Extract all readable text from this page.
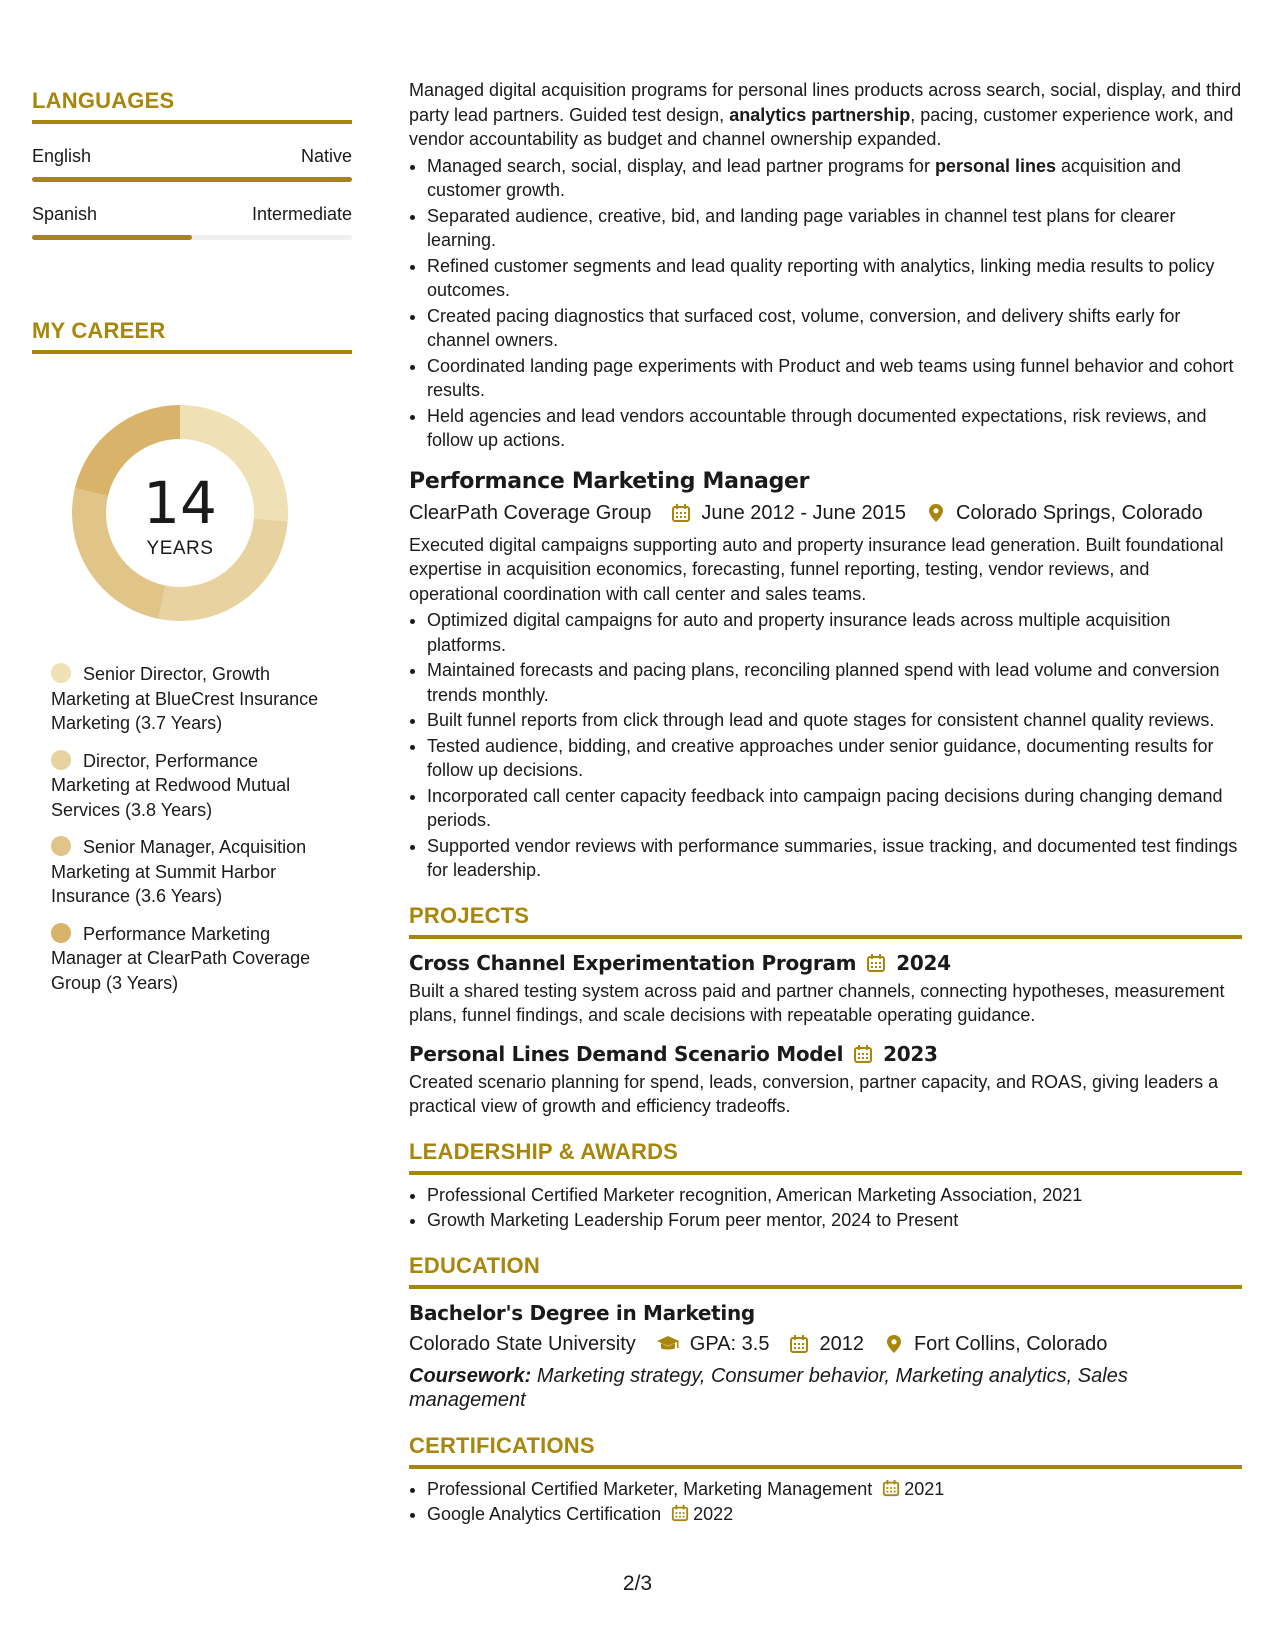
LANGUAGES
English	Native
Spanish	Intermediate
MY CAREER
14
YEARS
Senior Director, Growth Marketing at BlueCrest Insurance Marketing (3.7 Years)
Director, Performance Marketing at Redwood Mutual Services (3.8 Years)
Senior Manager, Acquisition Marketing at Summit Harbor Insurance (3.6 Years)
Performance Marketing Manager at ClearPath Coverage Group (3 Years)

Managed digital acquisition programs for personal lines products across search, social, display, and third party lead partners. Guided test design, analytics partnership, pacing, customer experience work, and vendor accountability as budget and channel ownership expanded.

• Managed search, social, display, and lead partner programs for personal lines acquisition and customer growth.
• Separated audience, creative, bid, and landing page variables in channel test plans for clearer learning.
• Refined customer segments and lead quality reporting with analytics, linking media results to policy outcomes.
• Created pacing diagnostics that surfaced cost, volume, conversion, and delivery shifts early for channel owners.
• Coordinated landing page experiments with Product and web teams using funnel behavior and cohort results.
• Held agencies and lead vendors accountable through documented expectations, risk reviews, and follow up actions.
Performance Marketing Manager
ClearPath Coverage Group	June 2012 - June 2015	Colorado Springs, Colorado

Executed digital campaigns supporting auto and property insurance lead generation. Built foundational expertise in acquisition economics, forecasting, funnel reporting, testing, vendor reviews, and operational coordination with call center and sales teams.

• Optimized digital campaigns for auto and property insurance leads across multiple acquisition platforms.
• Maintained forecasts and pacing plans, reconciling planned spend with lead volume and conversion trends monthly.
• Built funnel reports from click through lead and quote stages for consistent channel quality reviews.
• Tested audience, bidding, and creative approaches under senior guidance, documenting results for follow up decisions.
• Incorporated call center capacity feedback into campaign pacing decisions during changing demand periods.
• Supported vendor reviews with performance summaries, issue tracking, and documented test findings for leadership.
PROJECTS
Cross Channel Experimentation Program 2024

Built a shared testing system across paid and partner channels, connecting hypotheses, measurement plans, funnel findings, and scale decisions with repeatable operating guidance.

Personal Lines Demand Scenario Model 2023

Created scenario planning for spend, leads, conversion, partner capacity, and ROAS, giving leaders a practical view of growth and efficiency tradeoffs.

LEADERSHIP & AWARDS
• Professional Certified Marketer recognition, American Marketing Association, 2021
• Growth Marketing Leadership Forum peer mentor, 2024 to Present
EDUCATION
Bachelor's Degree in Marketing
Colorado State University	GPA: 3.5	2012	Fort Collins, Colorado
Coursework: Marketing strategy, Consumer behavior, Marketing analytics, Sales management
CERTIFICATIONS
• Professional Certified Marketer, Marketing Management 2021
• Google Analytics Certification 2022
2/3
